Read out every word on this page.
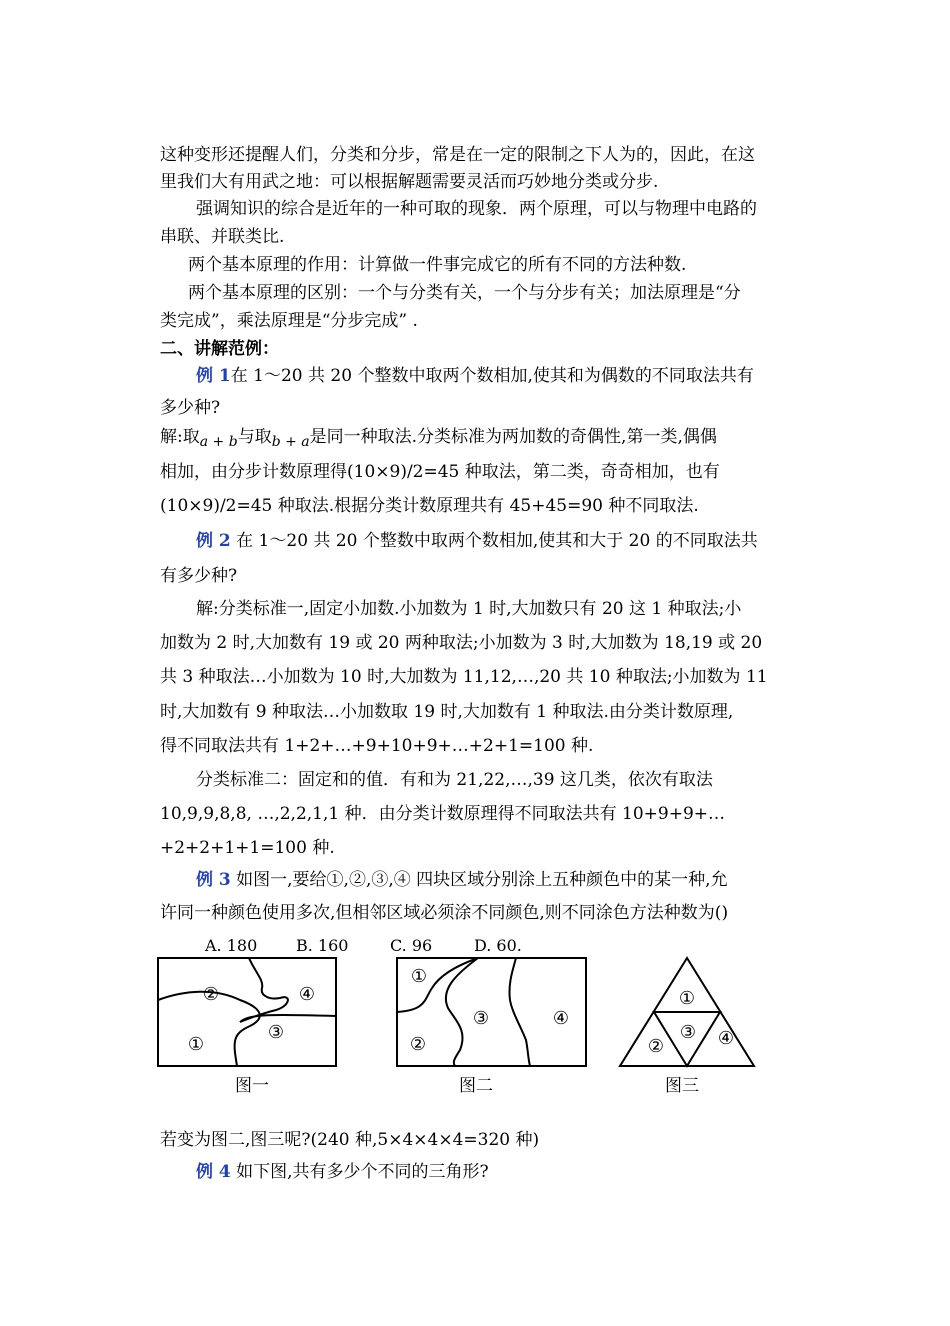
这种变形还提醒人们，分类和分步，常是在一定的限制之下人为的，因此，在这
里我们大有用武之地：可以根据解题需要灵活而巧妙地分类或分步.
强调知识的综合是近年的一种可取的现象．两个原理，可以与物理中电路的
串联、并联类比.
两个基本原理的作用：计算做一件事完成它的所有不同的方法种数.
两个基本原理的区别：一个与分类有关，一个与分步有关；加法原理是“分
类完成”，乘法原理是“分步完成” .
二、讲解范例：
例 1在 1～20 共 20 个整数中取两个数相加,使其和为偶数的不同取法共有
多少种?
解:取$_{a + b}$与取$_{b + a}$是同一种取法.分类标准为两加数的奇偶性,第一类,偶偶
相加，由分步计数原理得(10×9)/2=45 种取法，第二类，奇奇相加，也有
(10×9)/2=45 种取法.根据分类计数原理共有 45+45=90 种不同取法.
例 2 在 1～20 共 20 个整数中取两个数相加,使其和大于 20 的不同取法共
有多少种?
解:分类标准一,固定小加数.小加数为 1 时,大加数只有 20 这 1 种取法;小
加数为 2 时,大加数有 19 或 20 两种取法;小加数为 3 时,大加数为 18,19 或 20
共 3 种取法…小加数为 10 时,大加数为 11,12,…,20 共 10 种取法;小加数为 11
时,大加数有 9 种取法…小加数取 19 时,大加数有 1 种取法.由分类计数原理,
得不同取法共有 1+2+…+9+10+9+…+2+1=100 种.
分类标准二：固定和的值．有和为 21,22,…,39 这几类，依次有取法
10,9,9,8,8, …,2,2,1,1 种．由分类计数原理得不同取法共有 10+9+9+…
+2+2+1+1=100 种.
例 3 如图一,要给①,②,③,④ 四块区域分别涂上五种颜色中的某一种,允
许同一种颜色使用多次,但相邻区域必须涂不同颜色,则不同涂色方法种数为()
A. 180 B. 160	C. 96	D. 60.
②	④
③
①
①
②
③	④
①
③
②	④
图一	图二	图三
若变为图二,图三呢?(240 种,5×4×4×4=320 种)
例 4 如下图,共有多少个不同的三角形?
